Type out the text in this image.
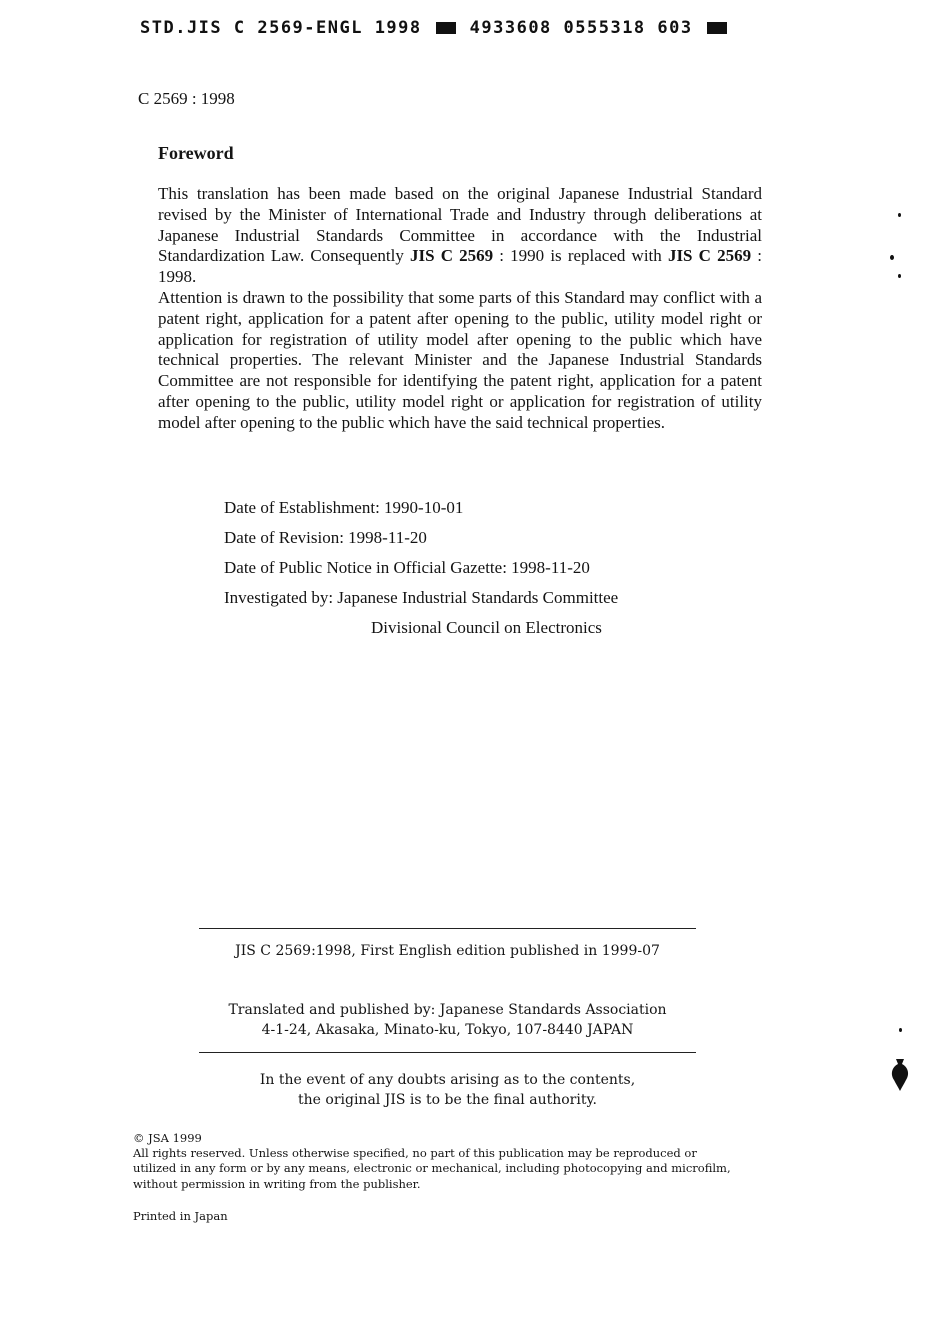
STD.JIS C 2569-ENGL 1998	4933608 0555318 603
C 2569 : 1998
Foreword
This translation has been made based on the original Japanese Industrial Standard revised by the Minister of International Trade and Industry through deliberations at Japanese Industrial Standards Committee in accordance with the Industrial Standardization Law. Consequently JIS C 2569 : 1990 is replaced with JIS C 2569 : 1998.
Attention is drawn to the possibility that some parts of this Standard may conflict with a patent right, application for a patent after opening to the public, utility model right or application for registration of utility model after opening to the public which have technical properties. The relevant Minister and the Japanese Industrial Standards Committee are not responsible for identifying the patent right, application for a patent after opening to the public, utility model right or application for registration of utility model after opening to the public which have the said technical properties.
Date of Establishment: 1990-10-01
Date of Revision: 1998-11-20
Date of Public Notice in Official Gazette: 1998-11-20
Investigated by: Japanese Industrial Standards Committee
Divisional Council on Electronics
JIS C 2569:1998, First English edition published in 1999-07
Translated and published by: Japanese Standards Association
4-1-24, Akasaka, Minato-ku, Tokyo, 107-8440 JAPAN
In the event of any doubts arising as to the contents,
the original JIS is to be the final authority.
© JSA 1999
All rights reserved. Unless otherwise specified, no part of this publication may be reproduced or
utilized in any form or by any means, electronic or mechanical, including photocopying and microfilm,
without permission in writing from the publisher.
Printed in Japan
